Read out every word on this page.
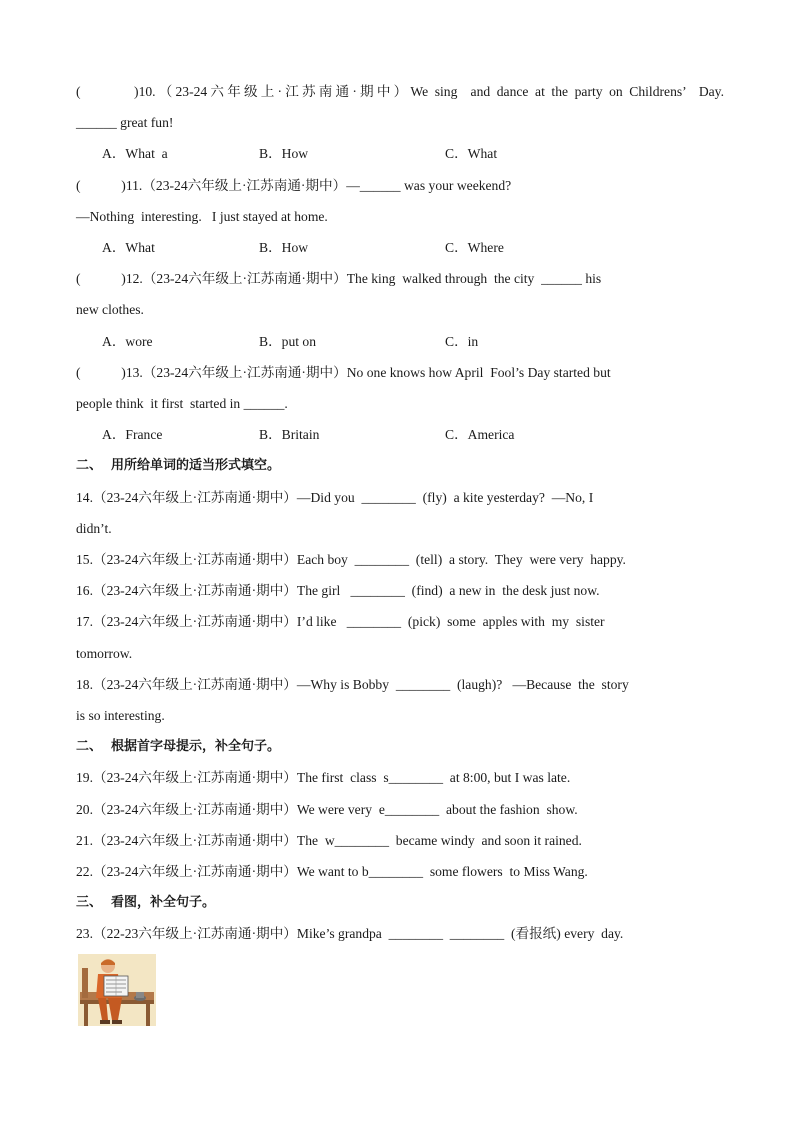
(　　　)10.（23-24六年级上·江苏南通·期中）We sing  and dance at the party on Childrens’  Day.
______ great fun!
A．What  a	B．How	C．What
(　　　)11.（23-24六年级上·江苏南通·期中）—______ was your weekend?
—Nothing  interesting.   I just stayed at home.
A．What	B．How	C．Where
(　　　)12.（23-24六年级上·江苏南通·期中）The king  walked through  the city  ______ his
new clothes.
A．wore	B．put on	C．in
(　　　)13.（23-24六年级上·江苏南通·期中）No one knows how April  Fool’s Day started but
people think  it first  started in ______.
A．France	B．Britain	C．America
二、  用所给单词的适当形式填空。
14.（23-24六年级上·江苏南通·期中）—Did you  ________  (fly)  a kite yesterday?  —No, I
didn’t.
15.（23-24六年级上·江苏南通·期中）Each boy  ________  (tell)  a story.  They  were very  happy.
16.（23-24六年级上·江苏南通·期中）The girl   ________  (find)  a new in  the desk just now.
17.（23-24六年级上·江苏南通·期中）I’d like   ________  (pick)  some  apples with  my  sister
tomorrow.
18.（23-24六年级上·江苏南通·期中）—Why is Bobby  ________  (laugh)?   —Because  the  story
is so interesting.
二、  根据首字母提示，补全句子。
19.（23-24六年级上·江苏南通·期中）The first  class  s________  at 8:00, but I was late.
20.（23-24六年级上·江苏南通·期中）We were very  e________  about the fashion  show.
21.（23-24六年级上·江苏南通·期中）The  w________  became windy  and soon it rained.
22.（23-24六年级上·江苏南通·期中）We want to b________  some flowers  to Miss Wang.
三、  看图，补全句子。
23.（22-23六年级上·江苏南通·期中）Mike’s grandpa  ________  ________  (看报纸) every  day.
